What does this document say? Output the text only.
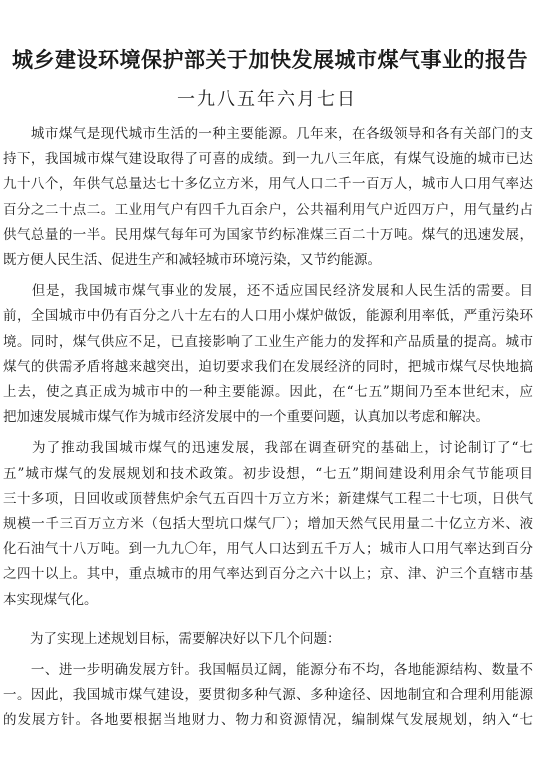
城乡建设环境保护部关于加快发展城市煤气事业的报告
一九八五年六月七日
　　城市煤气是现代城市生活的一种主要能源。几年来，在各级领导和各有关部门的支
持下，我国城市煤气建设取得了可喜的成绩。到一九八三年底，有煤气设施的城市已达
九十八个，年供气总量达七十多亿立方米，用气人口二千一百万人，城市人口用气率达
百分之二十点二。工业用气户有四千九百余户，公共福利用气户近四万户，用气量约占
供气总量的一半。民用煤气每年可为国家节约标准煤三百二十万吨。煤气的迅速发展，
既方便人民生活、促进生产和减轻城市环境污染，又节约能源。
　　但是，我国城市煤气事业的发展，还不适应国民经济发展和人民生活的需要。目
前，全国城市中仍有百分之八十左右的人口用小煤炉做饭，能源利用率低，严重污染环
境。同时，煤气供应不足，已直接影响了工业生产能力的发挥和产品质量的提高。城市
煤气的供需矛盾将越来越突出，迫切要求我们在发展经济的同时，把城市煤气尽快地搞
上去，使之真正成为城市中的一种主要能源。因此，在“七五”期间乃至本世纪末，应
把加速发展城市煤气作为城市经济发展中的一个重要问题，认真加以考虑和解决。
　　为了推动我国城市煤气的迅速发展，我部在调查研究的基础上，讨论制订了“七
五”城市煤气的发展规划和技术政策。初步设想，“七五”期间建设利用余气节能项目
三十多项，日回收或顶替焦炉余气五百四十万立方米；新建煤气工程二十七项，日供气
规模一千三百万立方米（包括大型坑口煤气厂）；增加天然气民用量二十亿立方米、液
化石油气十八万吨。到一九九〇年，用气人口达到五千万人；城市人口用气率达到百分
之四十以上。其中，重点城市的用气率达到百分之六十以上；京、津、沪三个直辖市基
本实现煤气化。
　　为了实现上述规划目标，需要解决好以下几个问题：
　　一、进一步明确发展方针。我国幅员辽阔，能源分布不均，各地能源结构、数量不
一。因此，我国城市煤气建设，要贯彻多种气源、多种途径、因地制宜和合理利用能源
的发展方针。各地要根据当地财力、物力和资源情况，编制煤气发展规划，纳入“七
